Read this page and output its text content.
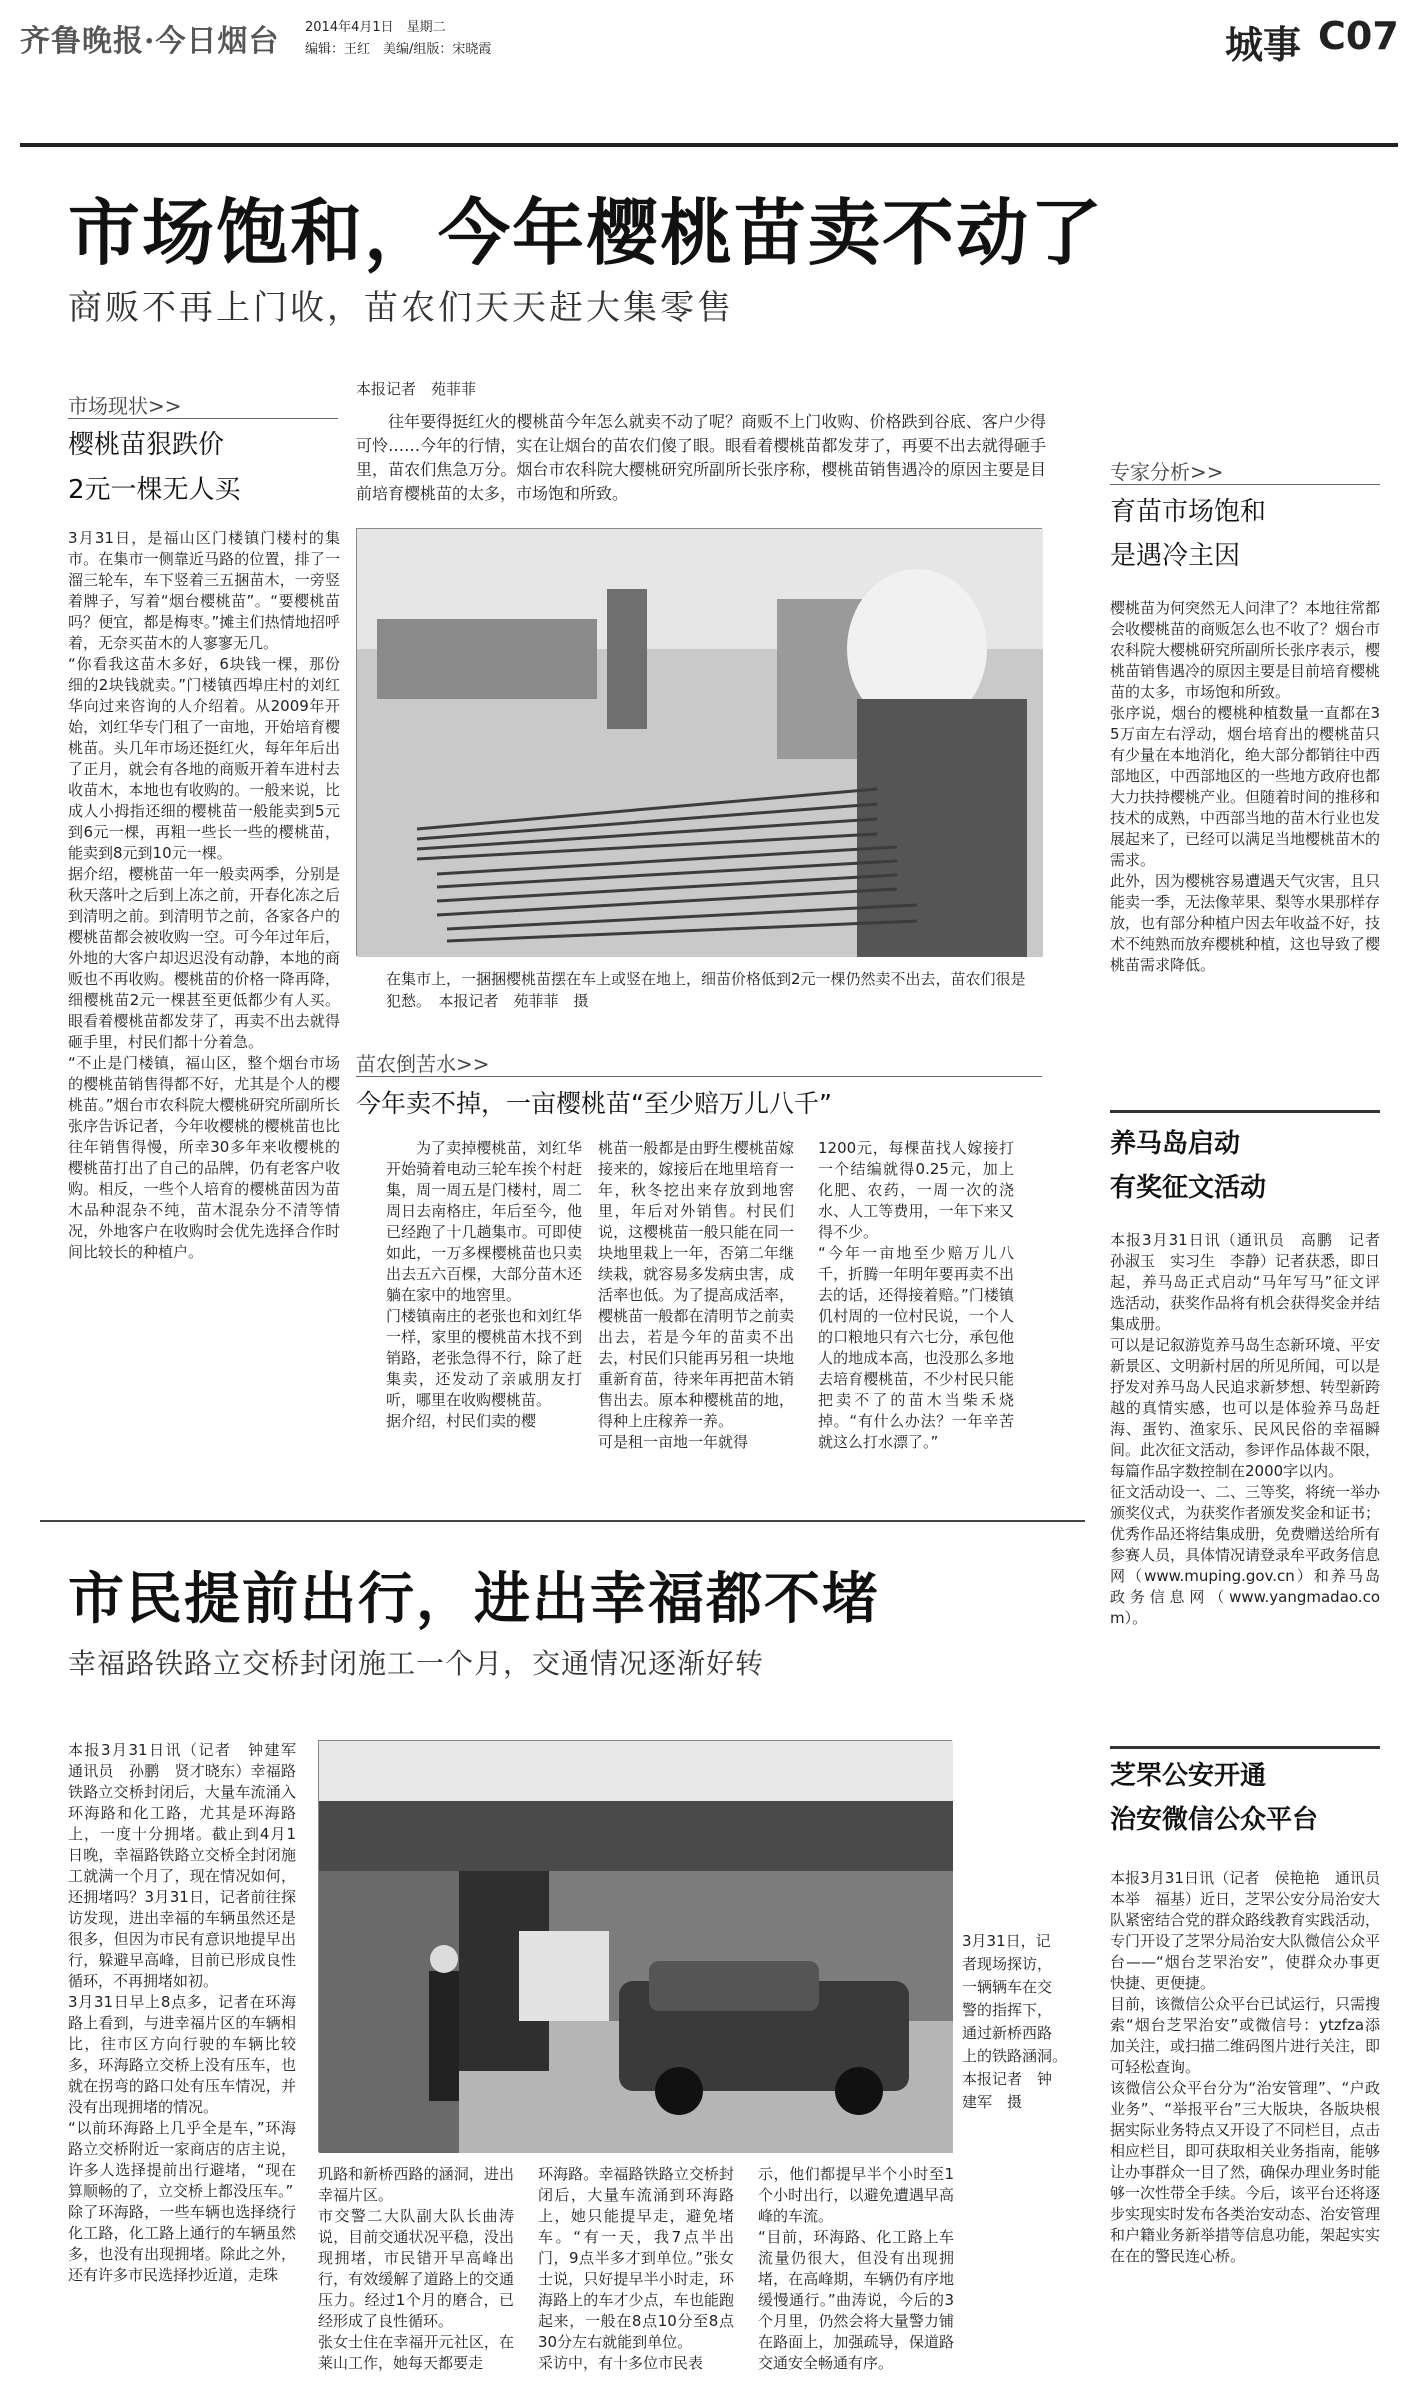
齐鲁晚报·今日烟台 2014年4月1日　星期二
编辑：王红　美编/组版：宋晓霞	城事 C07
市场饱和，今年樱桃苗卖不动了
商贩不再上门收，苗农们天天赶大集零售
市场现状>>
樱桃苗狠跌价
2元一棵无人买
3月31日，是福山区门楼镇门楼村的集市。在集市一侧靠近马路的位置，排了一溜三轮车，车下竖着三五捆苗木，一旁竖着牌子，写着“烟台樱桃苗”。“要樱桃苗吗？便宜，都是梅枣。”摊主们热情地招呼着，无奈买苗木的人寥寥无几。
“你看我这苗木多好，6块钱一棵，那份细的2块钱就卖。”门楼镇西埠庄村的刘红华向过来咨询的人介绍着。从2009年开始，刘红华专门租了一亩地，开始培育樱桃苗。头几年市场还挺红火，每年年后出了正月，就会有各地的商贩开着车进村去收苗木，本地也有收购的。一般来说，比成人小拇指还细的樱桃苗一般能卖到5元到6元一棵，再粗一些长一些的樱桃苗，能卖到8元到10元一棵。
据介绍，樱桃苗一年一般卖两季，分别是秋天落叶之后到上冻之前，开春化冻之后到清明之前。到清明节之前，各家各户的樱桃苗都会被收购一空。可今年过年后，外地的大客户却迟迟没有动静，本地的商贩也不再收购。樱桃苗的价格一降再降，细樱桃苗2元一棵甚至更低都少有人买。眼看着樱桃苗都发芽了，再卖不出去就得砸手里，村民们都十分着急。
“不止是门楼镇，福山区，整个烟台市场的樱桃苗销售得都不好，尤其是个人的樱桃苗。”烟台市农科院大樱桃研究所副所长张序告诉记者，今年收樱桃的樱桃苗也比往年销售得慢，所幸30多年来收樱桃的樱桃苗打出了自己的品牌，仍有老客户收购。相反，一些个人培育的樱桃苗因为苗木品种混杂不纯，苗木混杂分不清等情况，外地客户在收购时会优先选择合作时间比较长的种植户。
本报记者　苑菲菲
往年要得挺红火的樱桃苗今年怎么就卖不动了呢？商贩不上门收购、价格跌到谷底、客户少得可怜……今年的行情，实在让烟台的苗农们傻了眼。眼看着樱桃苗都发芽了，再要不出去就得砸手里，苗农们焦急万分。烟台市农科院大樱桃研究所副所长张序称，樱桃苗销售遇冷的原因主要是目前培育樱桃苗的太多，市场饱和所致。
在集市上，一捆捆樱桃苗摆在车上或竖在地上，细苗价格低到2元一棵仍然卖不出去，苗农们很是犯愁。　本报记者　苑菲菲　摄
苗农倒苦水>>
今年卖不掉，一亩樱桃苗“至少赔万儿八千”
为了卖掉樱桃苗，刘红华开始骑着电动三轮车挨个村赶集，周一周五是门楼村，周二周日去南格庄，年后至今，他已经跑了十几趟集市。可即使如此，一万多棵樱桃苗也只卖出去五六百棵，大部分苗木还躺在家中的地窖里。
门楼镇南庄的老张也和刘红华一样，家里的樱桃苗木找不到销路，老张急得不行，除了赶集卖，还发动了亲戚朋友打听，哪里在收购樱桃苗。
据介绍，村民们卖的樱
桃苗一般都是由野生樱桃苗嫁接来的，嫁接后在地里培育一年，秋冬挖出来存放到地窖里，年后对外销售。村民们说，这樱桃苗一般只能在同一块地里栽上一年，否第二年继续栽，就容易多发病虫害，成活率也低。为了提高成活率，樱桃苗一般都在清明节之前卖出去，若是今年的苗卖不出去，村民们只能再另租一块地重新育苗，待来年再把苗木销售出去。原本种樱桃苗的地，得种上庄稼养一养。
可是租一亩地一年就得
1200元，每棵苗找人嫁接打一个结编就得0.25元，加上化肥、农药，一周一次的浇水、人工等费用，一年下来又得不少。
“今年一亩地至少赔万儿八千，折腾一年明年要再卖不出去的话，还得接着赔。”门楼镇仉村周的一位村民说，一个人的口粮地只有六七分，承包他人的地成本高，也没那么多地去培育樱桃苗，不少村民只能把卖不了的苗木当柴禾烧掉。“有什么办法？一年辛苦就这么打水漂了。”
专家分析>>
育苗市场饱和
是遇冷主因
樱桃苗为何突然无人问津了？本地往常都会收樱桃苗的商贩怎么也不收了？烟台市农科院大樱桃研究所副所长张序表示，樱桃苗销售遇冷的原因主要是目前培育樱桃苗的太多，市场饱和所致。
张序说，烟台的樱桃种植数量一直都在35万亩左右浮动，烟台培育出的樱桃苗只有少量在本地消化，绝大部分都销往中西部地区，中西部地区的一些地方政府也都大力扶持樱桃产业。但随着时间的推移和技术的成熟，中西部当地的苗木行业也发展起来了，已经可以满足当地樱桃苗木的需求。
此外，因为樱桃容易遭遇天气灾害，且只能卖一季，无法像苹果、梨等水果那样存放，也有部分种植户因去年收益不好，技术不纯熟而放弃樱桃种植，这也导致了樱桃苗需求降低。
养马岛启动
有奖征文活动
本报3月31日讯（通讯员　高鹏　记者　孙淑玉　实习生　李静）记者获悉，即日起，养马岛正式启动“马年写马”征文评选活动，获奖作品将有机会获得奖金并结集成册。
可以是记叙游览养马岛生态新环境、平安新景区、文明新村居的所见所闻，可以是抒发对养马岛人民追求新梦想、转型新跨越的真情实感，也可以是体验养马岛赶海、蛋钓、渔家乐、民风民俗的幸福瞬间。此次征文活动，参评作品体裁不限，每篇作品字数控制在2000字以内。
征文活动设一、二、三等奖，将统一举办颁奖仪式，为获奖作者颁发奖金和证书；优秀作品还将结集成册，免费赠送给所有参赛人员，具体情况请登录牟平政务信息网（www.muping.gov.cn）和养马岛政务信息网（www.yangmadao.com）。
芝罘公安开通
治安微信公众平台
本报3月31日讯（记者　侯艳艳　通讯员　本举　福基）近日，芝罘公安分局治安大队紧密结合党的群众路线教育实践活动，专门开设了芝罘分局治安大队微信公众平台——“烟台芝罘治安”，使群众办事更快捷、更便捷。
目前，该微信公众平台已试运行，只需搜索“烟台芝罘治安”或微信号：ytzfza添加关注，或扫描二维码图片进行关注，即可轻松查询。
该微信公众平台分为“治安管理”、“户政业务”、“举报平台”三大版块，各版块根据实际业务特点又开设了不同栏目，点击相应栏目，即可获取相关业务指南，能够让办事群众一目了然，确保办理业务时能够一次性带全手续。今后，该平台还将逐步实现实时发布各类治安动态、治安管理和户籍业务新举措等信息功能，架起实实在在的警民连心桥。
市民提前出行，进出幸福都不堵
幸福路铁路立交桥封闭施工一个月，交通情况逐渐好转
本报3月31日讯（记者　钟建军　通讯员　孙鹏　贤才晓东）幸福路铁路立交桥封闭后，大量车流涌入环海路和化工路，尤其是环海路上，一度十分拥堵。截止到4月1日晚，幸福路铁路立交桥全封闭施工就满一个月了，现在情况如何，还拥堵吗？3月31日，记者前往探访发现，进出幸福的车辆虽然还是很多，但因为市民有意识地提早出行，躲避早高峰，目前已形成良性循环，不再拥堵如初。
3月31日早上8点多，记者在环海路上看到，与进幸福片区的车辆相比，往市区方向行驶的车辆比较多，环海路立交桥上没有压车，也就在拐弯的路口处有压车情况，并没有出现拥堵的情况。
“以前环海路上几乎全是车，”环海路立交桥附近一家商店的店主说，许多人选择提前出行避堵，“现在算顺畅的了，立交桥上都没压车。”
除了环海路，一些车辆也选择绕行化工路，化工路上通行的车辆虽然多，也没有出现拥堵。除此之外，还有许多市民选择抄近道，走珠
3月31日，记者现场探访，一辆辆车在交警的指挥下，通过新桥西路上的铁路涵洞。　本报记者　钟建军　摄
玑路和新桥西路的涵洞，进出幸福片区。
市交警二大队副大队长曲涛说，目前交通状况平稳，没出现拥堵，市民错开早高峰出行，有效缓解了道路上的交通压力。经过1个月的磨合，已经形成了良性循环。
张女士住在幸福开元社区，在莱山工作，她每天都要走
环海路。幸福路铁路立交桥封闭后，大量车流涌到环海路上，她只能提早走，避免堵车。“有一天，我7点半出门，9点半多才到单位。”张女士说，只好提早半小时走，环海路上的车才少点，车也能跑起来，一般在8点10分至8点30分左右就能到单位。
采访中，有十多位市民表
示，他们都提早半个小时至1个小时出行，以避免遭遇早高峰的车流。
“目前，环海路、化工路上车流量仍很大，但没有出现拥堵，在高峰期，车辆仍有序地缓慢通行。”曲涛说，今后的3个月里，仍然会将大量警力铺在路面上，加强疏导，保道路交通安全畅通有序。
